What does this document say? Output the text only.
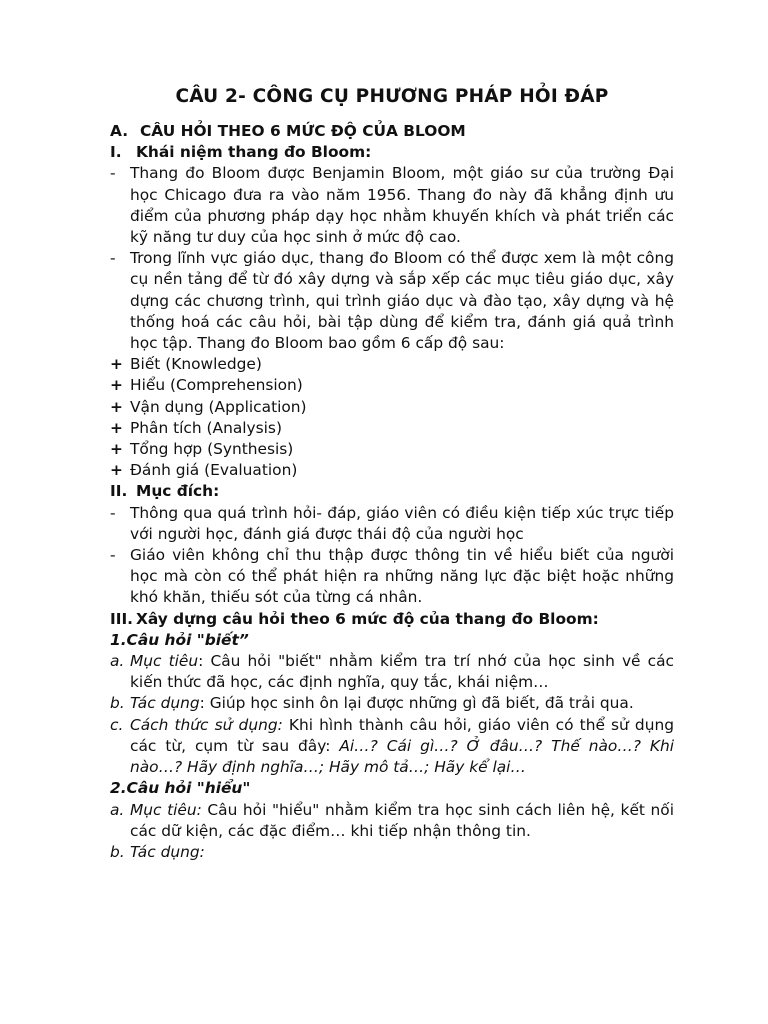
CÂU 2- CÔNG CỤ PHƯƠNG PHÁP HỎI ĐÁP
A. CÂU HỎI THEO 6 MỨC ĐỘ CỦA BLOOM
I. Khái niệm thang đo Bloom:
- Thang đo Bloom được Benjamin Bloom, một giáo sư của trường Đại học Chicago đưa ra vào năm 1956. Thang đo này đã khẳng định ưu điểm của phương pháp dạy học nhằm khuyến khích và phát triển các kỹ năng tư duy của học sinh ở mức độ cao.
- Trong lĩnh vực giáo dục, thang đo Bloom có thể được xem là một công cụ nền tảng để từ đó xây dựng và sắp xếp các mục tiêu giáo dục, xây dựng các chương trình, qui trình giáo dục và đào tạo, xây dựng và hệ thống hoá các câu hỏi, bài tập dùng để kiểm tra, đánh giá quả trình học tập. Thang đo Bloom bao gồm 6 cấp độ sau:
+ Biết (Knowledge)
+ Hiểu (Comprehension)
+ Vận dụng (Application)
+ Phân tích (Analysis)
+ Tổng hợp (Synthesis)
+ Đánh giá (Evaluation)
II. Mục đích:
- Thông qua quá trình hỏi- đáp, giáo viên có điều kiện tiếp xúc trực tiếp với người học, đánh giá được thái độ của người học
- Giáo viên không chỉ thu thập được thông tin về hiểu biết của người học mà còn có thể phát hiện ra những năng lực đặc biệt hoặc những khó khăn, thiếu sót của từng cá nhân.
III. Xây dựng câu hỏi theo 6 mức độ của thang đo Bloom:
1.Câu hỏi "biết”
a. Mục tiêu: Câu hỏi "biết" nhằm kiểm tra trí nhớ của học sinh về các kiến thức đã học, các định nghĩa, quy tắc, khái niệm…
b. Tác dụng: Giúp học sinh ôn lại được những gì đã biết, đã trải qua.
c. Cách thức sử dụng: Khi hình thành câu hỏi, giáo viên có thể sử dụng các từ, cụm từ sau đây: Ai…? Cái gì…? Ở đâu…? Thế nào…? Khi nào…? Hãy định nghĩa…; Hãy mô tả…; Hãy kể lại…
2.Câu hỏi "hiểu"
a. Mục tiêu: Câu hỏi "hiểu" nhằm kiểm tra học sinh cách liên hệ, kết nối các dữ kiện, các đặc điểm… khi tiếp nhận thông tin.
b. Tác dụng:
